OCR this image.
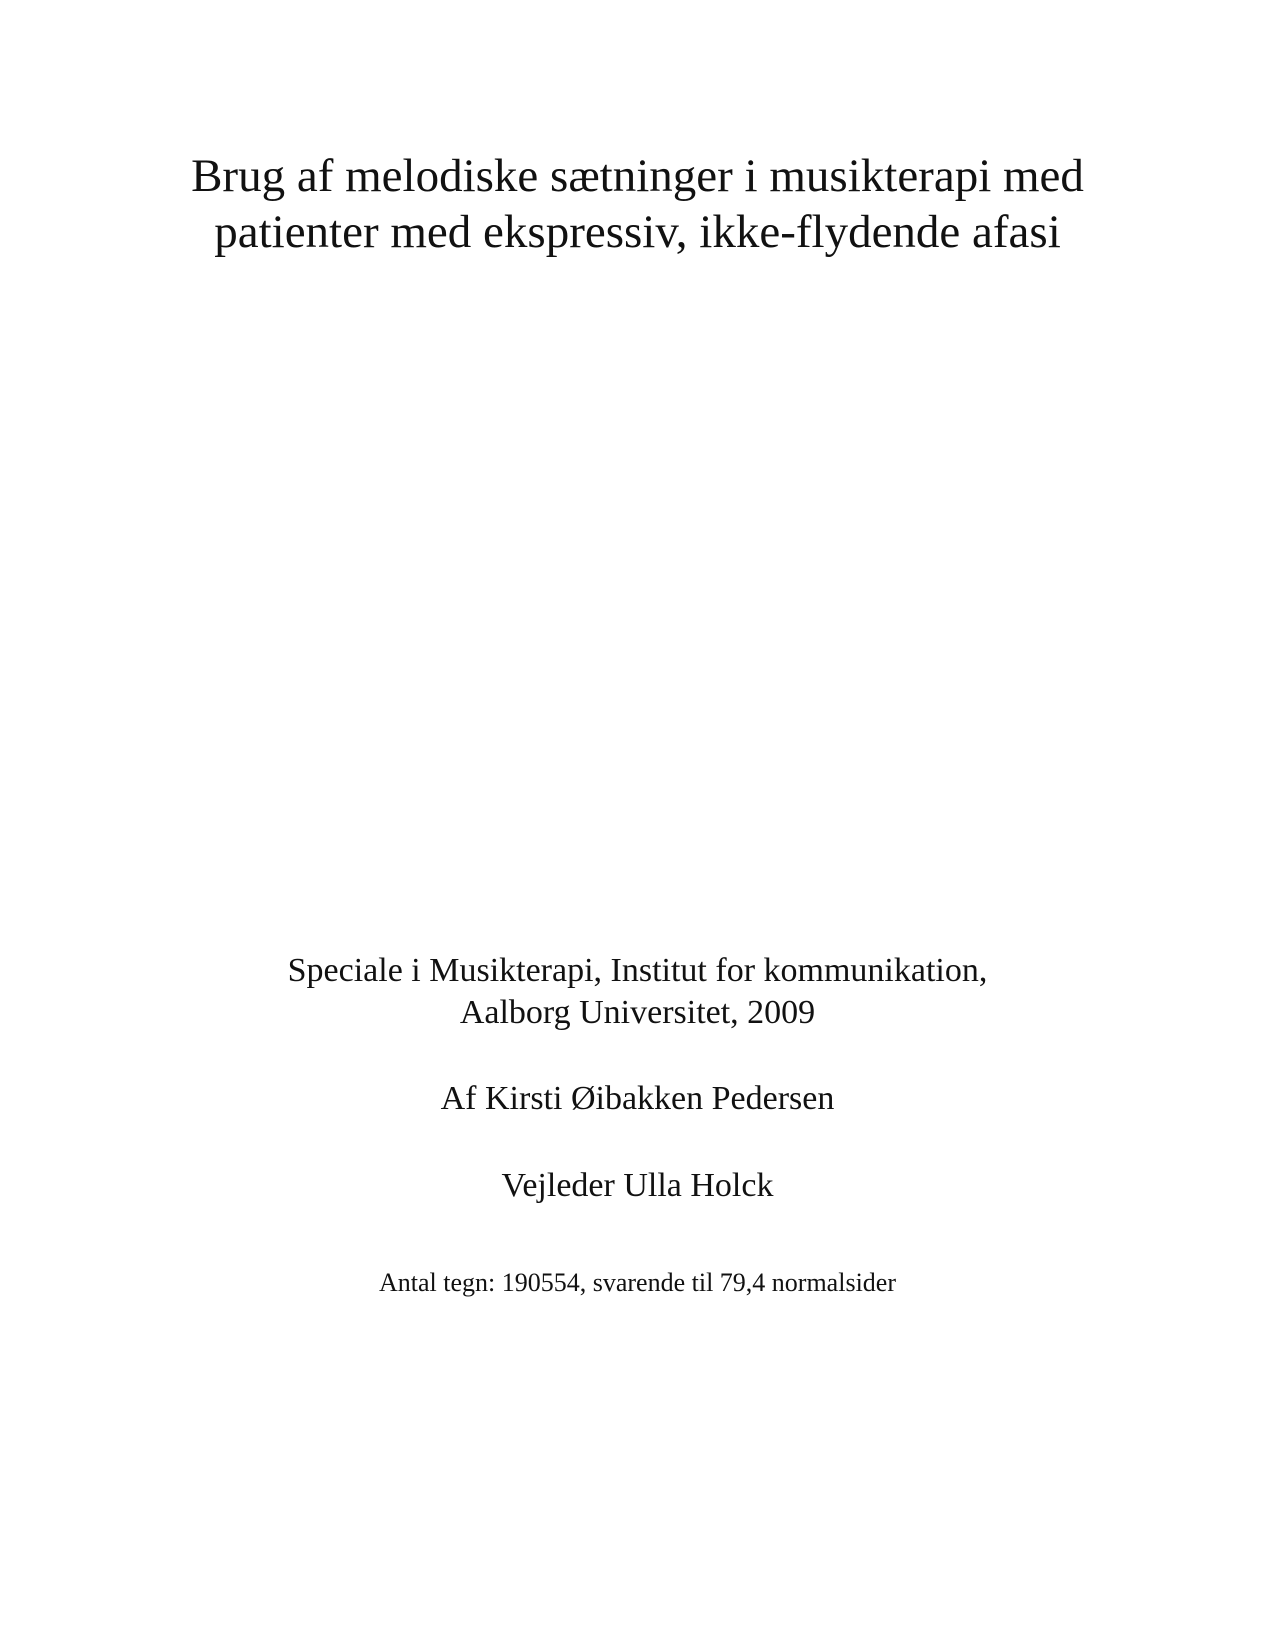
Brug af melodiske sætninger i musikterapi med
patienter med ekspressiv, ikke-flydende afasi
Speciale i Musikterapi, Institut for kommunikation,
Aalborg Universitet, 2009
Af Kirsti Øibakken Pedersen
Vejleder Ulla Holck
Antal tegn: 190554, svarende til 79,4 normalsider
